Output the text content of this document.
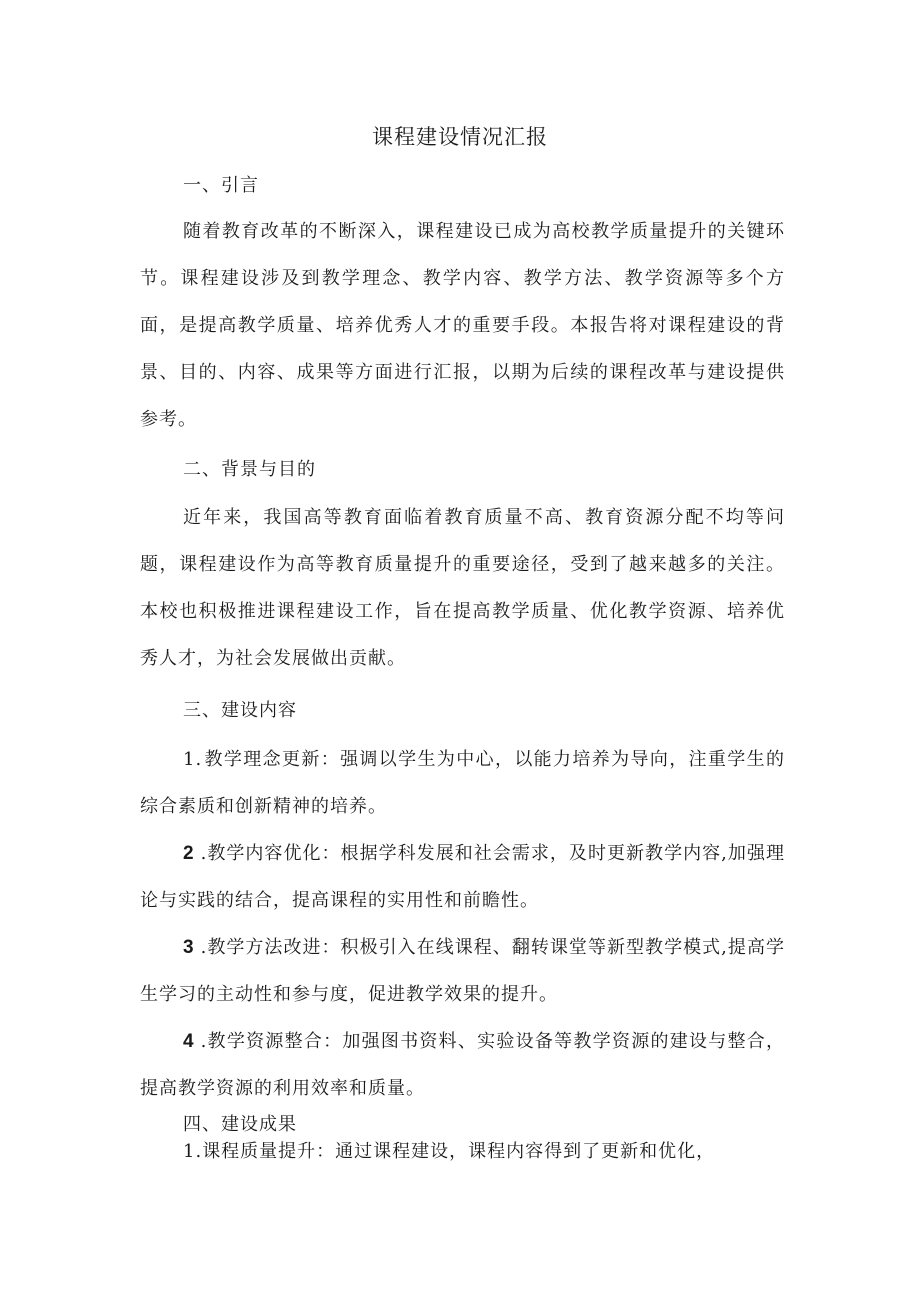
课程建设情况汇报
一、引言
随着教育改革的不断深入，课程建设已成为高校教学质量提升的关键环节。课程建设涉及到教学理念、教学内容、教学方法、教学资源等多个方面，是提高教学质量、培养优秀人才的重要手段。本报告将对课程建设的背景、目的、内容、成果等方面进行汇报，以期为后续的课程改革与建设提供参考。
二、背景与目的
近年来，我国高等教育面临着教育质量不高、教育资源分配不均等问题，课程建设作为高等教育质量提升的重要途径，受到了越来越多的关注。本校也积极推进课程建设工作，旨在提高教学质量、优化教学资源、培养优秀人才，为社会发展做出贡献。
三、建设内容
1. 教学理念更新：强调以学生为中心，以能力培养为导向，注重学生的综合素质和创新精神的培养。
2 .教学内容优化：根据学科发展和社会需求，及时更新教学内容,加强理论与实践的结合，提高课程的实用性和前瞻性。
3 .教学方法改进：积极引入在线课程、翻转课堂等新型教学模式,提高学生学习的主动性和参与度，促进教学效果的提升。
4 .教学资源整合：加强图书资料、实验设备等教学资源的建设与整合，提高教学资源的利用效率和质量。
四、建设成果
1.课程质量提升：通过课程建设，课程内容得到了更新和优化，
